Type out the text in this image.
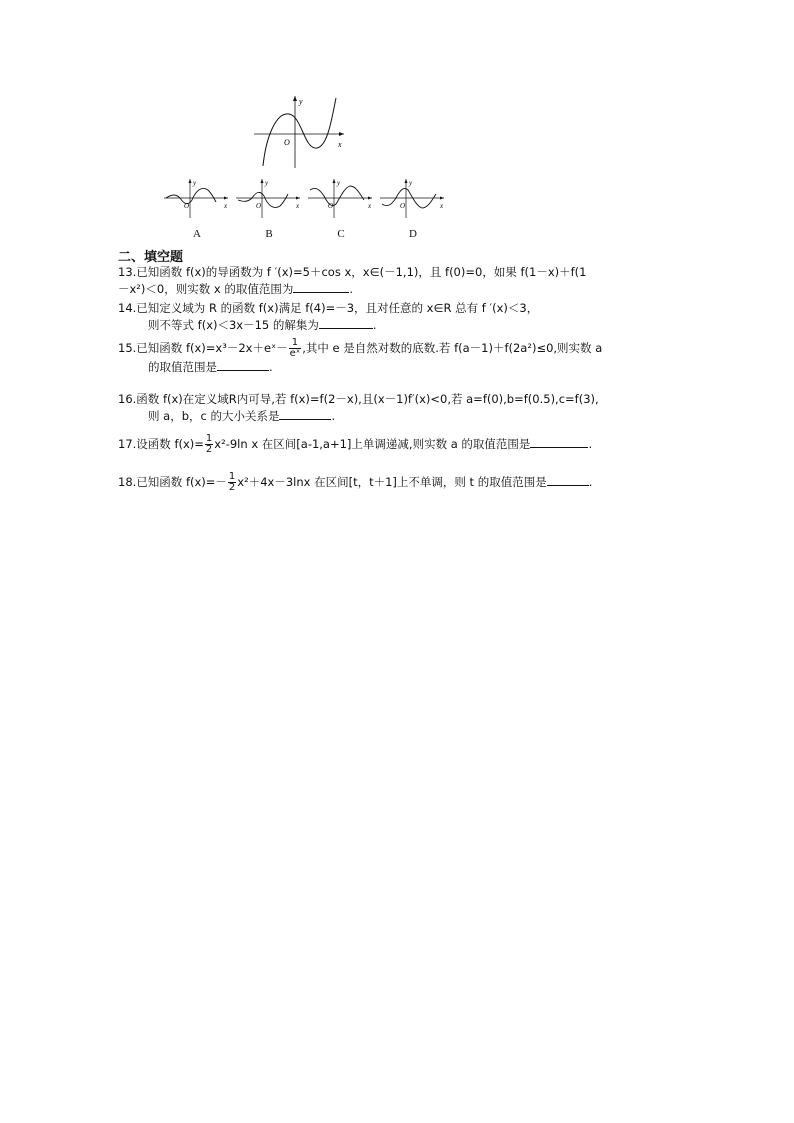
y
x
O
y
x
O
y
x
O
y
x
O
y
x
O
A	B	C	D
二、填空题
13.已知函数 f(x)的导函数为 f ′(x)=5＋cos x，x∈(－1,1)，且 f(0)=0，如果 f(1－x)＋f(1
－x²)＜0，则实数 x 的取值范围为	.
14.已知定义域为 R 的函数 f(x)满足 f(4)=－3，且对任意的 x∈R 总有 f ′(x)＜3，
则不等式 f(x)＜3x－15 的解集为	.
15.已知函数 f(x)=x³－2x＋eˣ－ $\frac{1}{\text{eˣ}}$ ,其中 e 是自然对数的底数.若 f(a－1)＋f(2a²)≤0,则实数 a
的取值范围是	.
16.函数 f(x)在定义域R内可导,若 f(x)=f(2－x),且(x－1)f′(x)<0,若 a=f(0),b=f(0.5),c=f(3),
则 a，b，c 的大小关系是	.
17.设函数 $f(x)= \frac{1}{2} x^2-9\ln$ x 在区间[a-1,a+1]上单调递减,则实数 a 的取值范围是	.
18.已知函数 $f(x)=- \frac{1}{2} x^2+4x-3\ln x$ 在区间[t，t＋1]上不单调，则 t 的取值范围是	.
